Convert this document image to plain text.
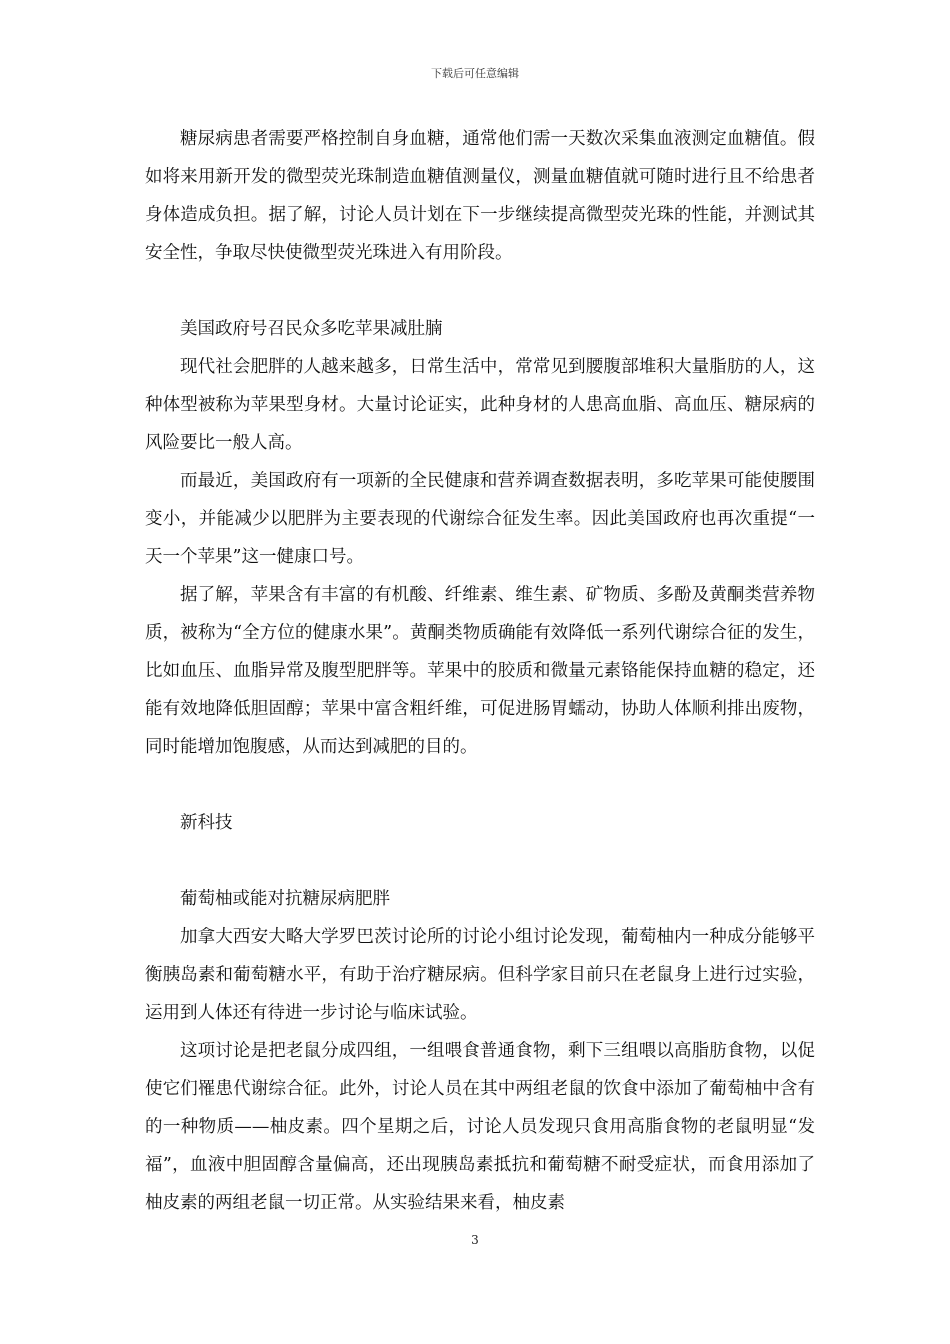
下载后可任意编辑

糖尿病患者需要严格控制自身血糖，通常他们需一天数次采集血液测定血糖值。假如将来用新开发的微型荧光珠制造血糖值测量仪，测量血糖值就可随时进行且不给患者身体造成负担。据了解，讨论人员计划在下一步继续提高微型荧光珠的性能，并测试其安全性，争取尽快使微型荧光珠进入有用阶段。

美国政府号召民众多吃苹果减肚腩

现代社会肥胖的人越来越多，日常生活中，常常见到腰腹部堆积大量脂肪的人，这种体型被称为苹果型身材。大量讨论证实，此种身材的人患高血脂、高血压、糖尿病的风险要比一般人高。

而最近，美国政府有一项新的全民健康和营养调查数据表明，多吃苹果可能使腰围变小，并能减少以肥胖为主要表现的代谢综合征发生率。因此美国政府也再次重提“一天一个苹果”这一健康口号。

据了解，苹果含有丰富的有机酸、纤维素、维生素、矿物质、多酚及黄酮类营养物质，被称为“全方位的健康水果”。黄酮类物质确能有效降低一系列代谢综合征的发生，比如血压、血脂异常及腹型肥胖等。苹果中的胶质和微量元素铬能保持血糖的稳定，还能有效地降低胆固醇；苹果中富含粗纤维，可促进肠胃蠕动，协助人体顺利排出废物，同时能增加饱腹感，从而达到减肥的目的。

新科技

葡萄柚或能对抗糖尿病肥胖

加拿大西安大略大学罗巴茨讨论所的讨论小组讨论发现，葡萄柚内一种成分能够平衡胰岛素和葡萄糖水平，有助于治疗糖尿病。但科学家目前只在老鼠身上进行过实验，运用到人体还有待进一步讨论与临床试验。

这项讨论是把老鼠分成四组，一组喂食普通食物，剩下三组喂以高脂肪食物，以促使它们罹患代谢综合征。此外，讨论人员在其中两组老鼠的饮食中添加了葡萄柚中含有的一种物质——柚皮素。四个星期之后，讨论人员发现只食用高脂食物的老鼠明显“发福”，血液中胆固醇含量偏高，还出现胰岛素抵抗和葡萄糖不耐受症状，而食用添加了柚皮素的两组老鼠一切正常。从实验结果来看，柚皮素

3
